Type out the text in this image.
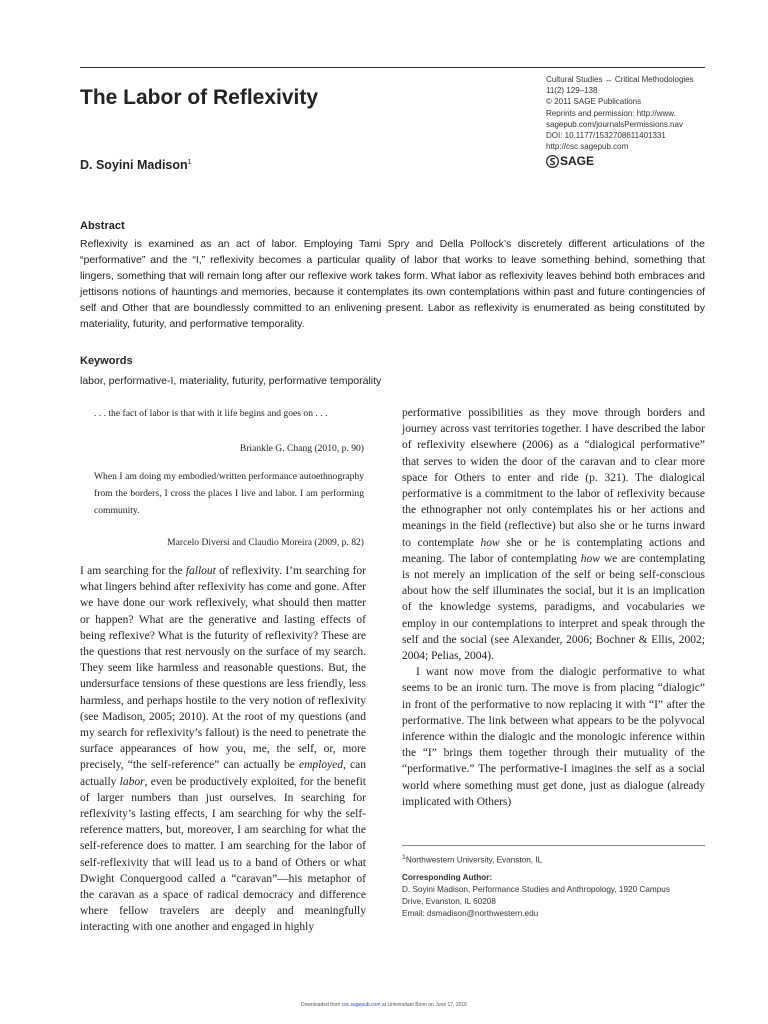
The Labor of Reflexivity
Cultural Studies ↔ Critical Methodologies
11(2) 129–138
© 2011 SAGE Publications
Reprints and permission: http://www.
sagepub.com/journalsPermissions.nav
DOI: 10.1177/1532708611401331
http://csc.sagepub.com
SAGE
D. Soyini Madison$^1$
Abstract

Reflexivity is examined as an act of labor. Employing Tami Spry and Della Pollock’s discretely different articulations of the “performative” and the “I,” reflexivity becomes a particular quality of labor that works to leave something behind, something that lingers, something that will remain long after our reflexive work takes form. What labor as reflexivity leaves behind both embraces and jettisons notions of hauntings and memories, because it contemplates its own contemplations within past and future contingencies of self and Other that are boundlessly committed to an enlivening present. Labor as reflexivity is enumerated as being constituted by materiality, futurity, and performative temporality.

Keywords
labor, performative-I, materiality, futurity, performative temporality
. . . the fact of labor is that with it life begins and goes on . . .
Briankle G. Chang (2010, p. 90)
When I am doing my embodied/written performance autoethnography from the borders, I cross the places I live and labor. I am performing community.
Marcelo Diversi and Claudio Moreira (2009, p. 82)

I am searching for the fallout of reflexivity. I’m searching for what lingers behind after reflexivity has come and gone. After we have done our work reflexively, what should then matter or happen? What are the generative and lasting effects of being reflexive? What is the futurity of reflexivity? These are the questions that rest nervously on the surface of my search. They seem like harmless and reasonable questions. But, the undersurface tensions of these questions are less friendly, less harmless, and perhaps hostile to the very notion of reflexivity (see Madison, 2005; 2010). At the root of my questions (and my search for reflexivity’s fallout) is the need to penetrate the surface appearances of how you, me, the self, or, more precisely, “the self-reference” can actually be employed, can actually labor, even be productively exploited, for the benefit of larger numbers than just ourselves. In searching for reflexivity’s lasting effects, I am searching for why the self-reference matters, but, moreover, I am searching for what the self-reference does to matter. I am searching for the labor of self-reflexivity that will lead us to a band of Others or what Dwight Conquergood called a “caravan”—his metaphor of the caravan as a space of radical democracy and difference where fellow travelers are deeply and meaningfully interacting with one another and engaged in highly

performative possibilities as they move through borders and journey across vast territories together. I have described the labor of reflexivity elsewhere (2006) as a “dialogical performative” that serves to widen the door of the caravan and to clear more space for Others to enter and ride (p. 321). The dialogical performative is a commitment to the labor of reflexivity because the ethnographer not only contemplates his or her actions and meanings in the field (reflective) but also she or he turns inward to contemplate how she or he is contemplating actions and meaning. The labor of contemplating how we are contemplating is not merely an implication of the self or being self-conscious about how the self illuminates the social, but it is an implication of the knowledge systems, paradigms, and vocabularies we employ in our contemplations to interpret and speak through the self and the social (see Alexander, 2006; Bochner & Ellis, 2002; 2004; Pelias, 2004).

I want now move from the dialogic performative to what seems to be an ironic turn. The move is from placing “dialogic” in front of the performative to now replacing it with “I” after the performative. The link between what appears to be the polyvocal inference within the dialogic and the monologic inference within the “I” brings them together through their mutuality of the “performative.” The performative-I imagines the self as a social world where something must get done, just as dialogue (already implicated with Others)

$^1$Northwestern University, Evanston, IL
Corresponding Author:
D. Soyini Madison, Performance Studies and Anthropology, 1920 Campus
Drive, Evanston, IL 60208
Email: dsmadison@northwestern.edu
Downloaded from csc.sagepub.com at Universitaet Bonn on June 17, 2016
